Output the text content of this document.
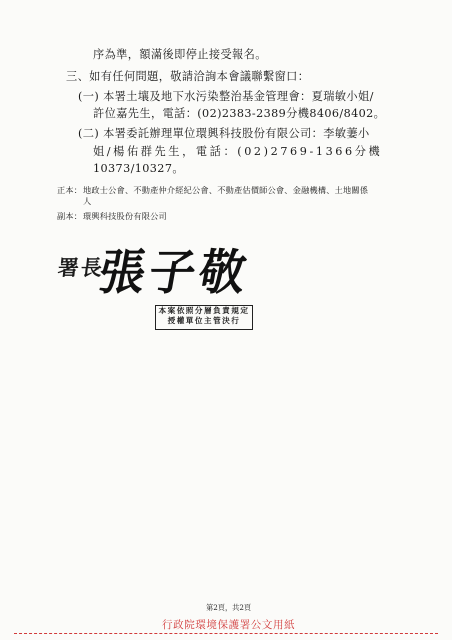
序為準，額滿後即停止接受報名。
三、如有任何問題，敬請洽詢本會議聯繫窗口：
(一) 本署土壤及地下水污染整治基金管理會：夏瑞敏小姐/
許位嘉先生，電話：(02)2383-2389分機8406/8402。
(二) 本署委託辦理單位環興科技股份有限公司：李敏萋小
姐/楊佑群先生，電話：(02)2769-1366分機
10373/10327。
正本： 地政士公會、不動產仲介經紀公會、不動產估價師公會、金融機構、土地關係
人
副本： 環興科技股份有限公司
署長
張子敬
本案依照分層負責規定
授權單位主管決行
第2頁，共2頁
行政院環境保護署公文用紙
